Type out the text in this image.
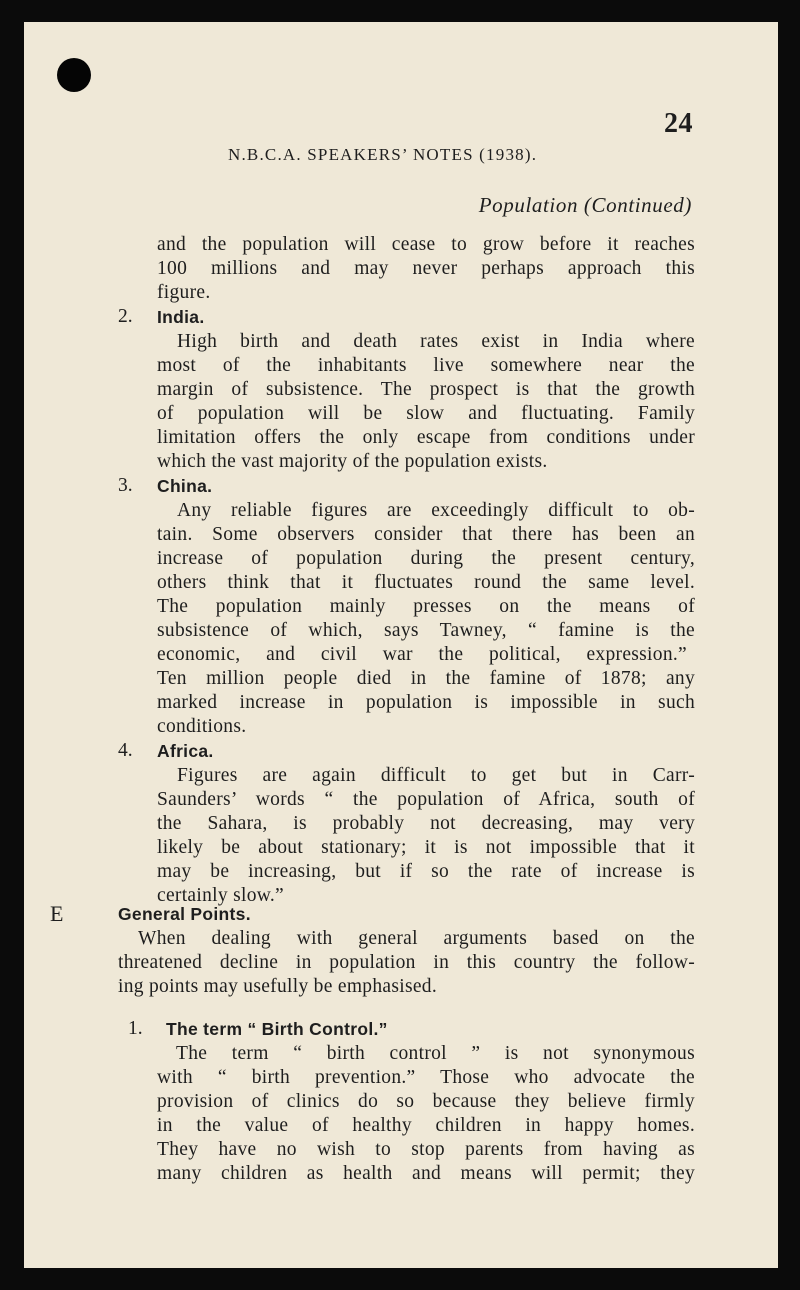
24
N.B.C.A. SPEAKERS’ NOTES (1938).
Population (Continued)
and the population will cease to grow before it reaches
100 millions and may never perhaps approach this
figure.
2. India.
High birth and death rates exist in India where
most of the inhabitants live somewhere near the
margin of subsistence. The prospect is that the growth
of population will be slow and fluctuating. Family
limitation offers the only escape from conditions under
which the vast majority of the population exists.
3. China.
Any reliable figures are exceedingly difficult to ob-
tain. Some observers consider that there has been an
increase of population during the present century,
others think that it fluctuates round the same level.
The population mainly presses on the means of
subsistence of which, says Tawney, “ famine is the
economic, and civil war the political, expression.”
Ten million people died in the famine of 1878; any
marked increase in population is impossible in such
conditions.
4. Africa.
Figures are again difficult to get but in Carr-
Saunders’ words “ the population of Africa, south of
the Sahara, is probably not decreasing, may very
likely be about stationary; it is not impossible that it
may be increasing, but if so the rate of increase is
certainly slow.”
E	General Points.
When dealing with general arguments based on the
threatened decline in population in this country the follow-
ing points may usefully be emphasised.
1. The term “ Birth Control.”
The term “ birth control ” is not synonymous
with “ birth prevention.” Those who advocate the
provision of clinics do so because they believe firmly
in the value of healthy children in happy homes.
They have no wish to stop parents from having as
many children as health and means will permit; they
